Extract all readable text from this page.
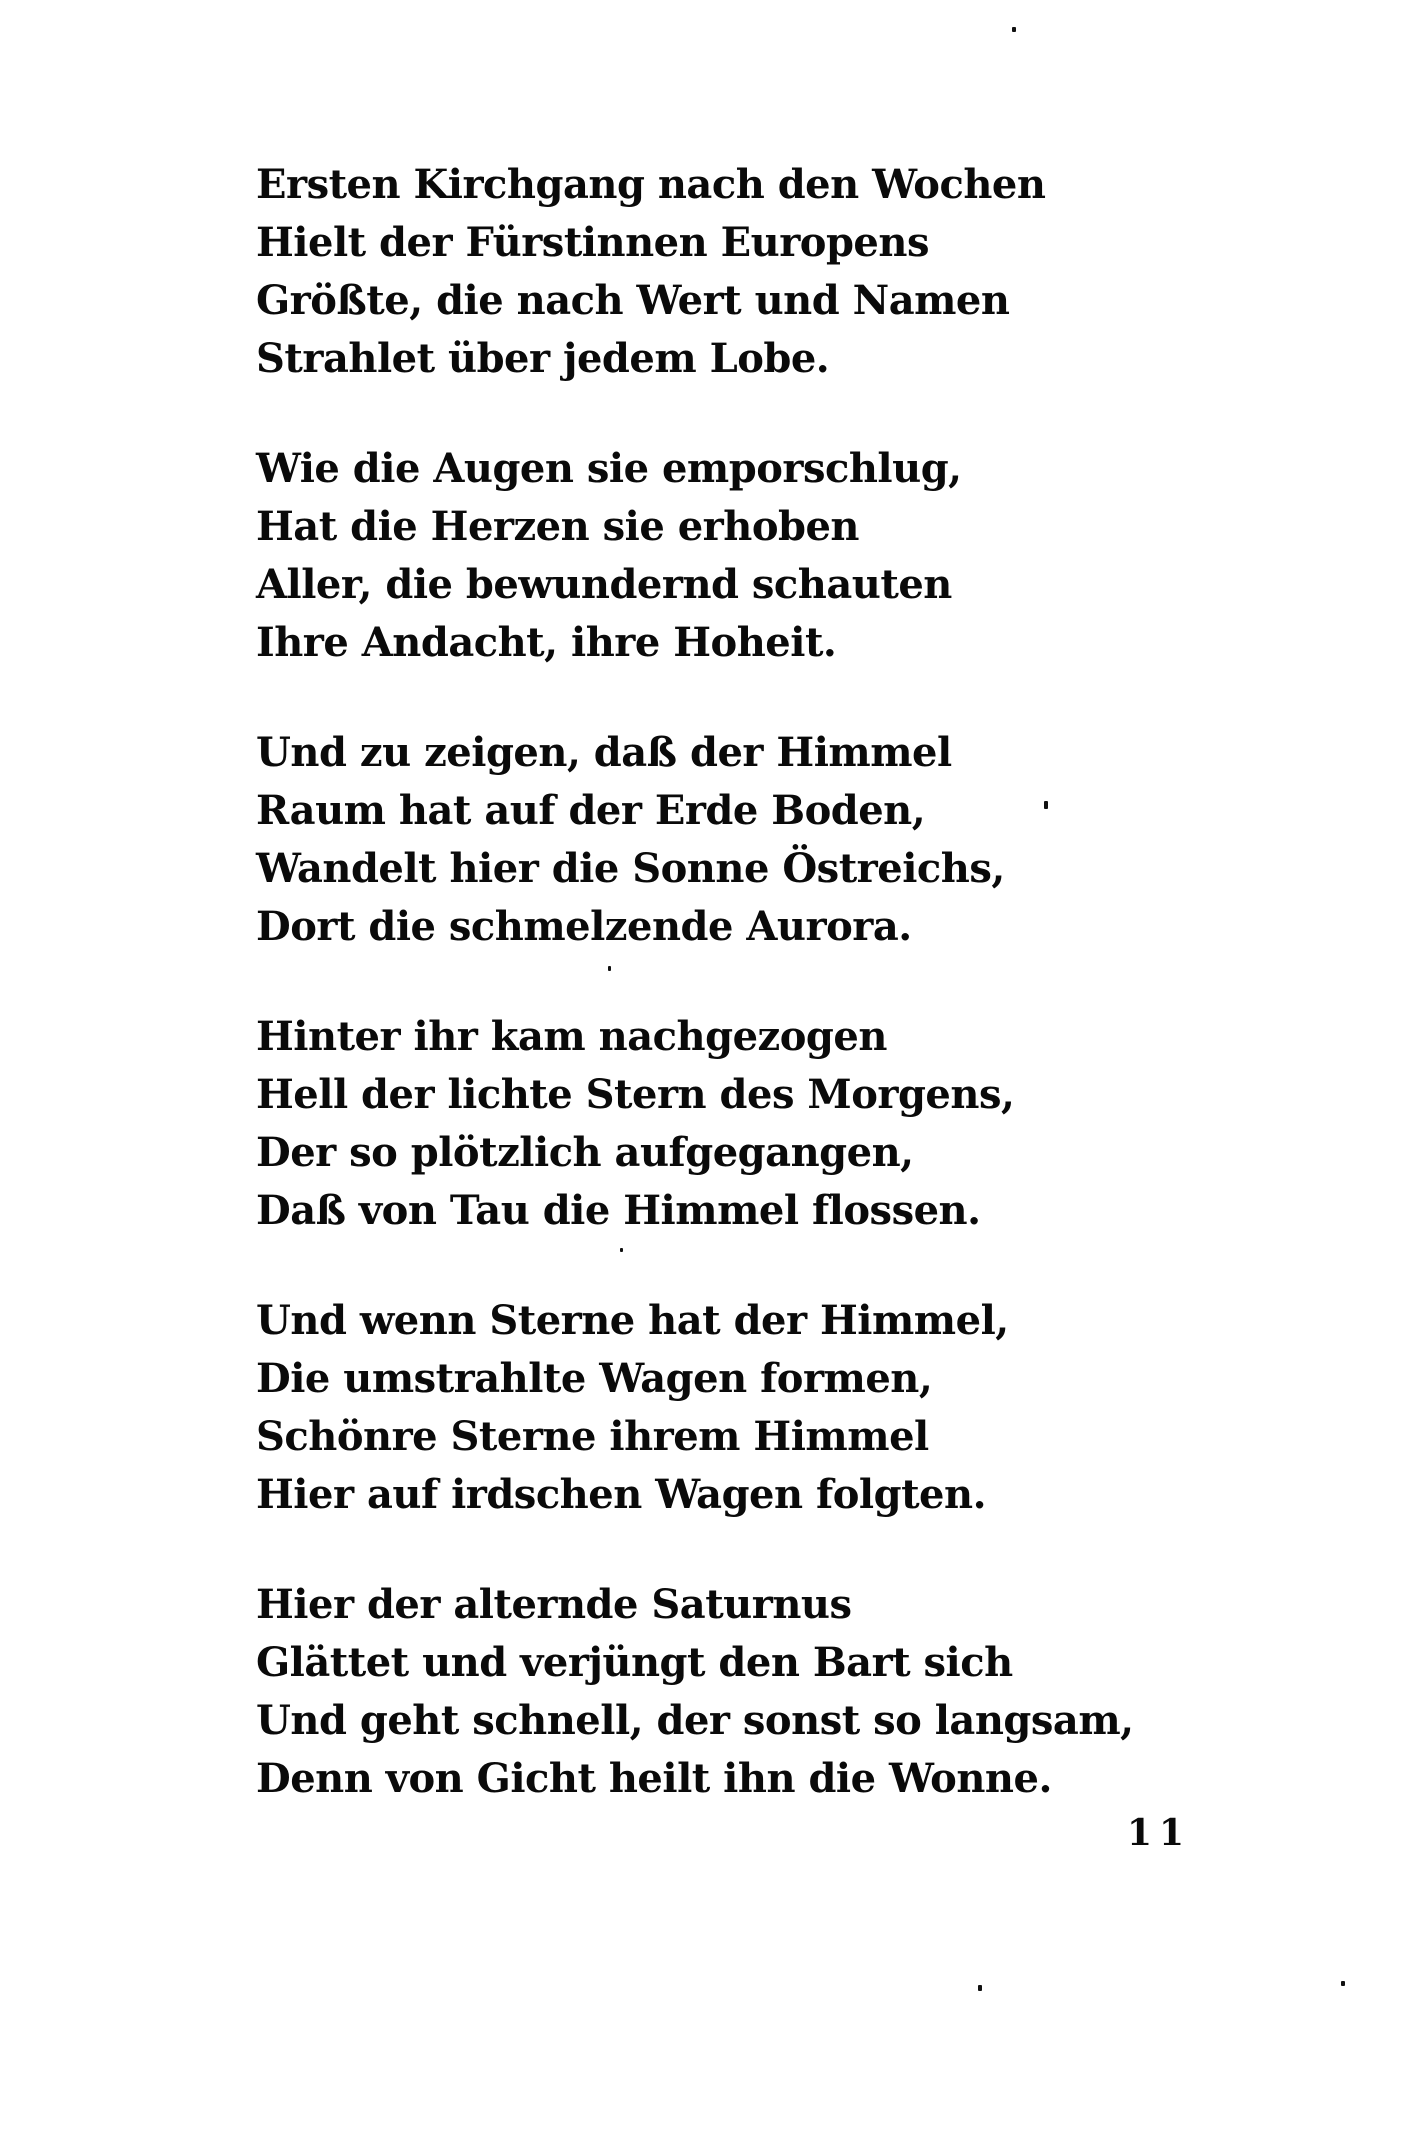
Ersten Kirchgang nach den Wochen
Hielt der Fürstinnen Europens
Größte, die nach Wert und Namen
Strahlet über jedem Lobe.
Wie die Augen sie emporschlug,
Hat die Herzen sie erhoben
Aller, die bewundernd schauten
Ihre Andacht, ihre Hoheit.
Und zu zeigen, daß der Himmel
Raum hat auf der Erde Boden,
Wandelt hier die Sonne Östreichs,
Dort die schmelzende Aurora.
Hinter ihr kam nachgezogen
Hell der lichte Stern des Morgens,
Der so plötzlich aufgegangen,
Daß von Tau die Himmel flossen.
Und wenn Sterne hat der Himmel,
Die umstrahlte Wagen formen,
Schönre Sterne ihrem Himmel
Hier auf irdschen Wagen folgten.
Hier der alternde Saturnus
Glättet und verjüngt den Bart sich
Und geht schnell, der sonst so langsam,
Denn von Gicht heilt ihn die Wonne.
11
